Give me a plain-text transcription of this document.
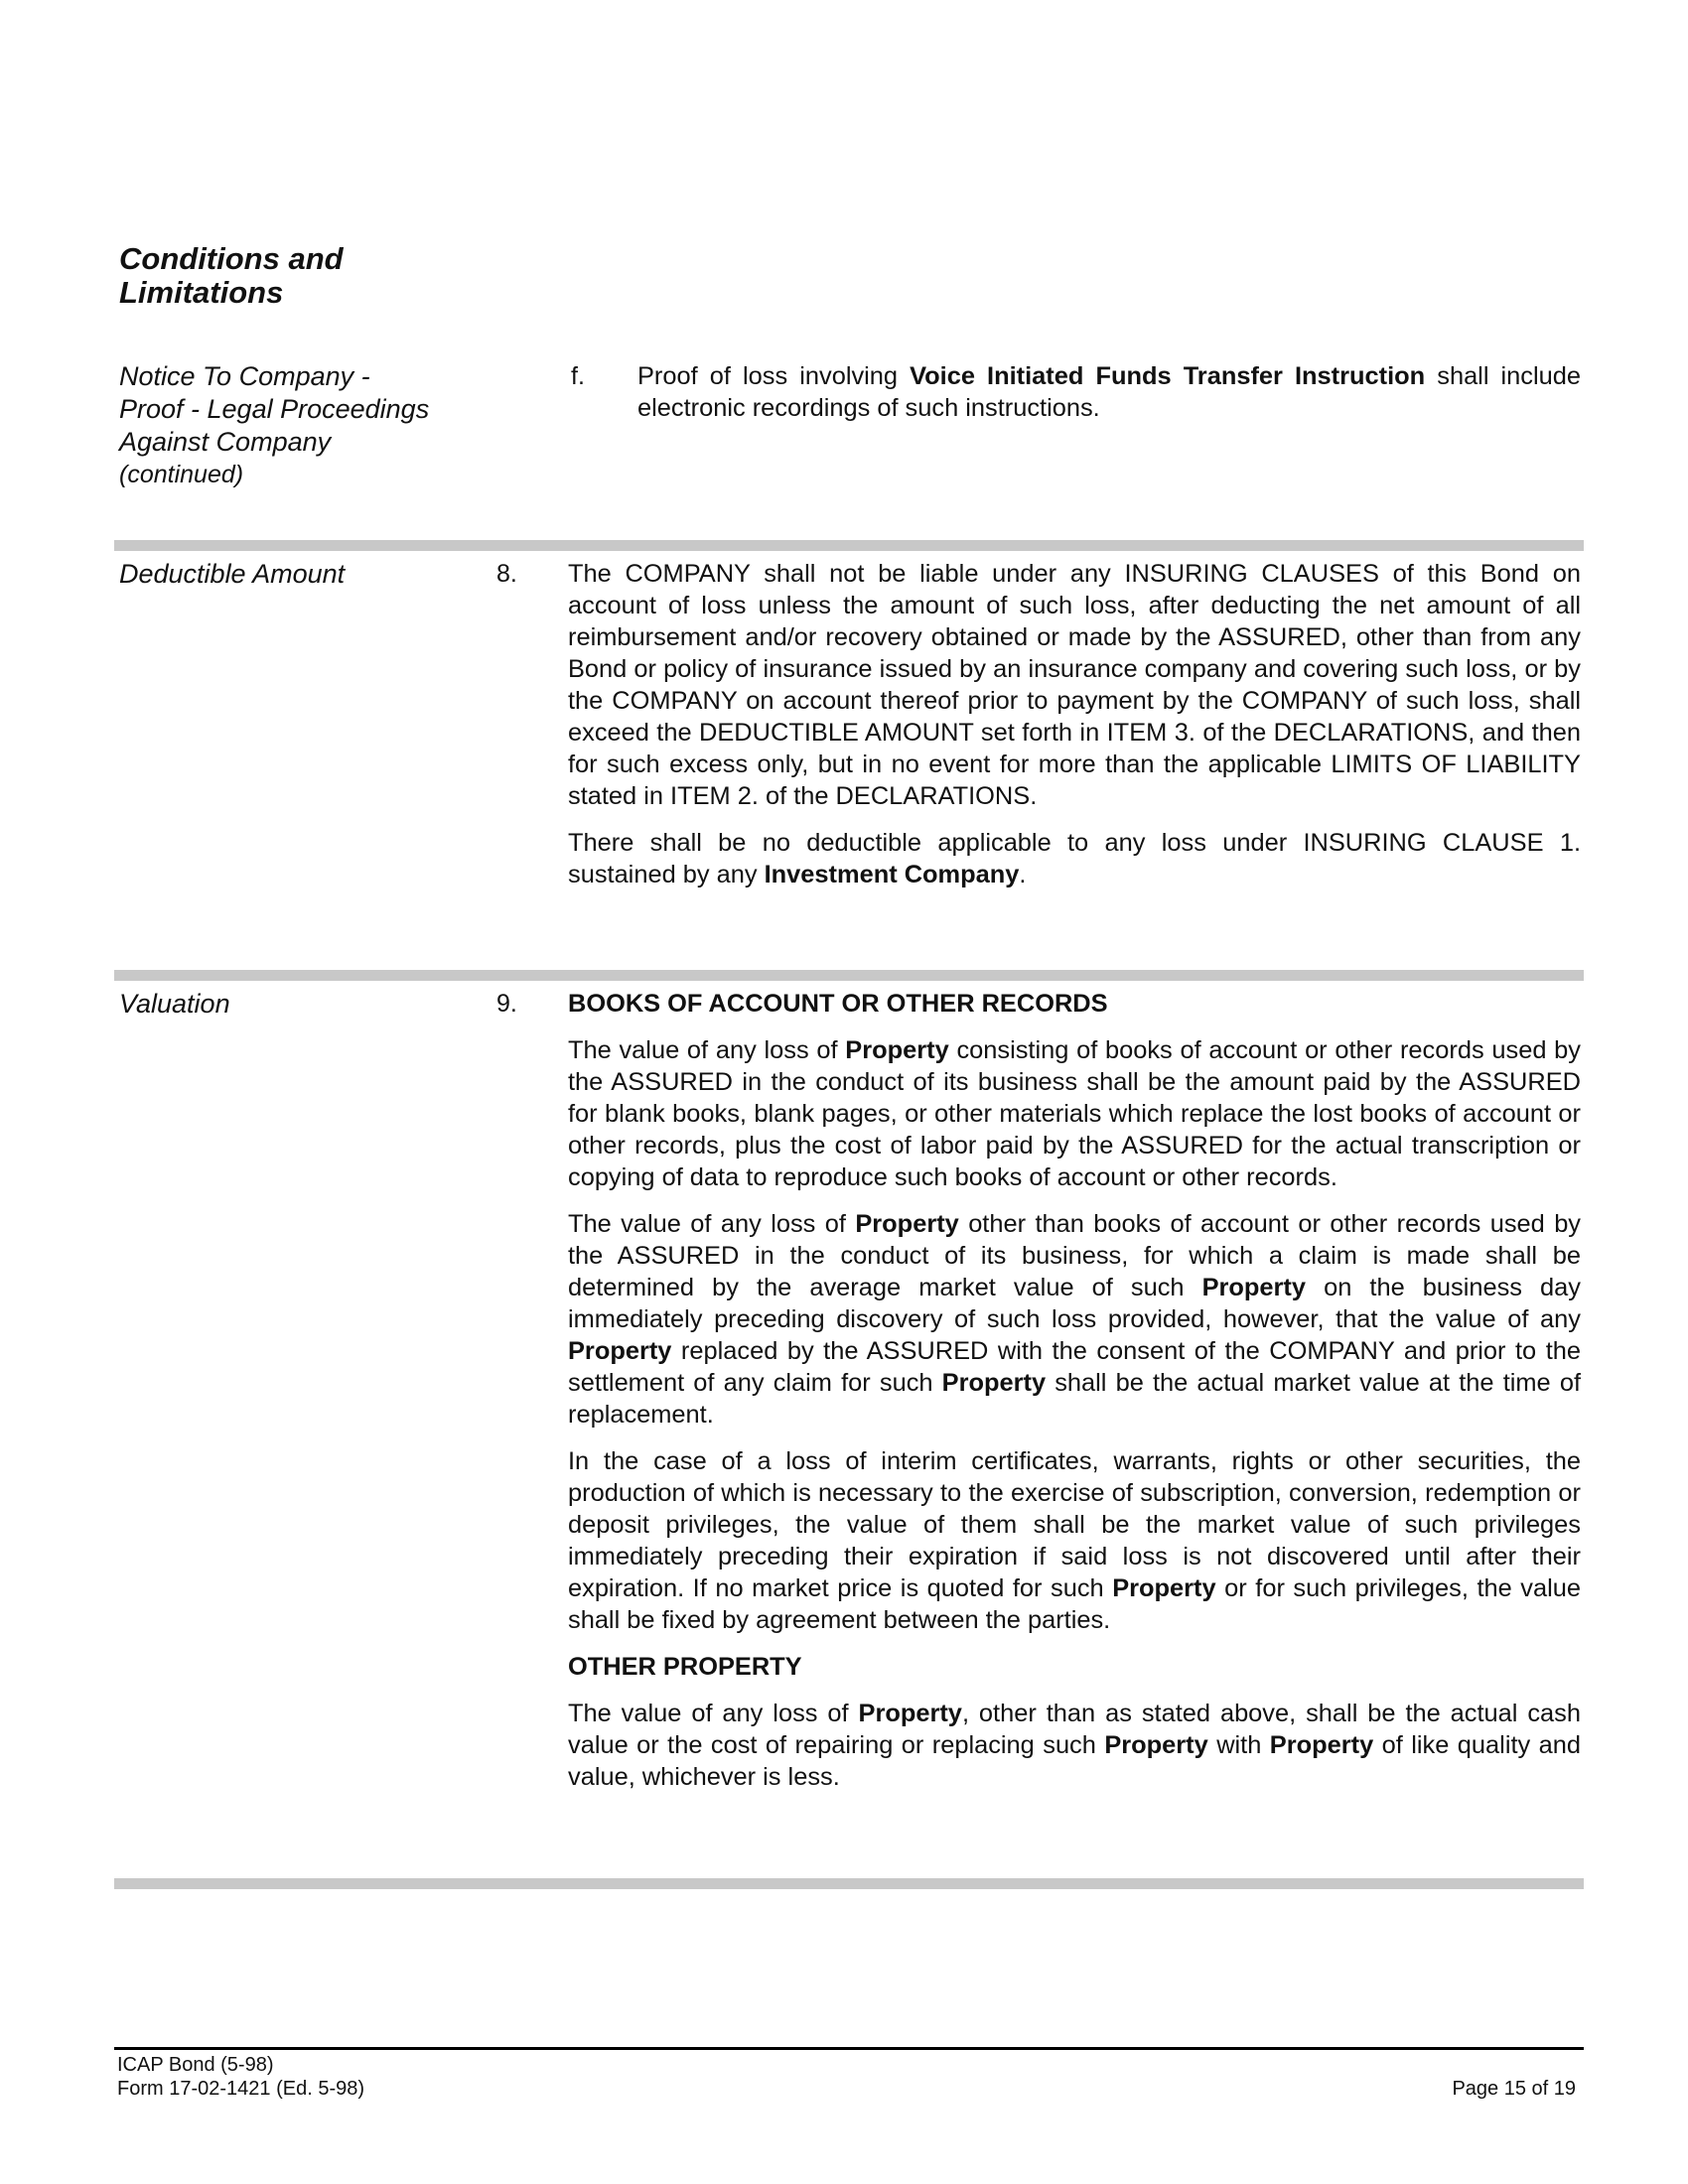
Conditions and
Limitations
Notice To Company -
Proof - Legal Proceedings
Against Company
(continued)
f. Proof of loss involving Voice Initiated Funds Transfer Instruction shall include electronic recordings of such instructions.

Deductible Amount	8. The COMPANY shall not be liable under any INSURING CLAUSES of this Bond on account of loss unless the amount of such loss, after deducting the net amount of all reimbursement and/or recovery obtained or made by the ASSURED, other than from any Bond or policy of insurance issued by an insurance company and covering such loss, or by the COMPANY on account thereof prior to payment by the COMPANY of such loss, shall exceed the DEDUCTIBLE AMOUNT set forth in ITEM 3. of the DECLARATIONS, and then for such excess only, but in no event for more than the applicable LIMITS OF LIABILITY stated in ITEM 2. of the DECLARATIONS.

There shall be no deductible applicable to any loss under INSURING CLAUSE 1. sustained by any Investment Company.

Valuation	9. BOOKS OF ACCOUNT OR OTHER RECORDS

The value of any loss of Property consisting of books of account or other records used by the ASSURED in the conduct of its business shall be the amount paid by the ASSURED for blank books, blank pages, or other materials which replace the lost books of account or other records, plus the cost of labor paid by the ASSURED for the actual transcription or copying of data to reproduce such books of account or other records.

The value of any loss of Property other than books of account or other records used by the ASSURED in the conduct of its business, for which a claim is made shall be determined by the average market value of such Property on the business day immediately preceding discovery of such loss provided, however, that the value of any Property replaced by the ASSURED with the consent of the COMPANY and prior to the settlement of any claim for such Property shall be the actual market value at the time of replacement.

In the case of a loss of interim certificates, warrants, rights or other securities, the production of which is necessary to the exercise of subscription, conversion, redemption or deposit privileges, the value of them shall be the market value of such privileges immediately preceding their expiration if said loss is not discovered until after their expiration. If no market price is quoted for such Property or for such privileges, the value shall be fixed by agreement between the parties.

OTHER PROPERTY

The value of any loss of Property, other than as stated above, shall be the actual cash value or the cost of repairing or replacing such Property with Property of like quality and value, whichever is less.

ICAP Bond (5-98)
Form 17-02-1421 (Ed. 5-98)	Page 15 of 19
